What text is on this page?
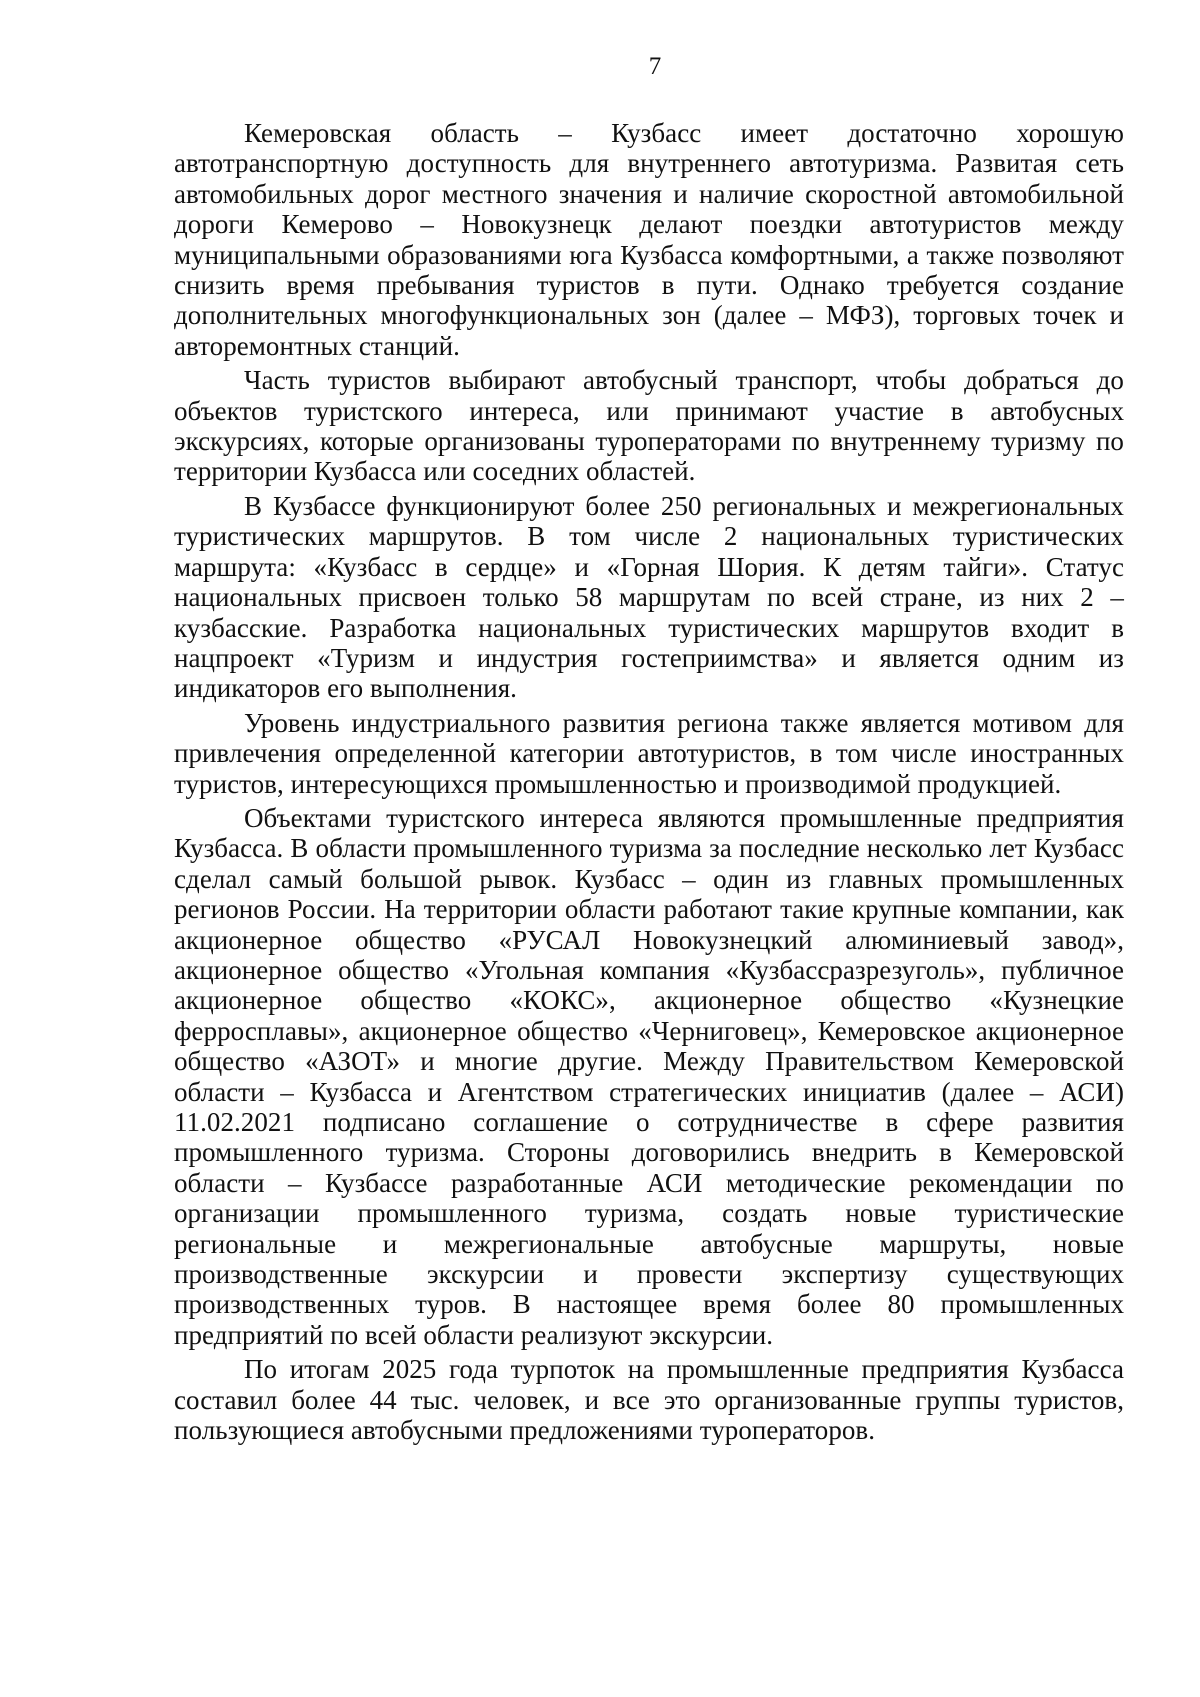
7

Кемеровская область – Кузбасс имеет достаточно хорошую автотранспортную доступность для внутреннего автотуризма. Развитая сеть автомобильных дорог местного значения и наличие скоростной автомобильной дороги Кемерово – Новокузнецк делают поездки автотуристов между муниципальными образованиями юга Кузбасса комфортными, а также позволяют снизить время пребывания туристов в пути. Однако требуется создание дополнительных многофункциональных зон (далее – МФЗ), торговых точек и авторемонтных станций.

Часть туристов выбирают автобусный транспорт, чтобы добраться до объектов туристского интереса, или принимают участие в автобусных экскурсиях, которые организованы туроператорами по внутреннему туризму по территории Кузбасса или соседних областей.

В Кузбассе функционируют более 250 региональных и межрегиональных туристических маршрутов. В том числе 2 национальных туристических маршрута: «Кузбасс в сердце» и «Горная Шория. К детям тайги». Статус национальных присвоен только 58 маршрутам по всей стране, из них 2 – кузбасские. Разработка национальных туристических маршрутов входит в нацпроект «Туризм и индустрия гостеприимства» и является одним из индикаторов его выполнения.

Уровень индустриального развития региона также является мотивом для привлечения определенной категории автотуристов, в том числе иностранных туристов, интересующихся промышленностью и производимой продукцией.

Объектами туристского интереса являются промышленные предприятия Кузбасса. В области промышленного туризма за последние несколько лет Кузбасс сделал самый большой рывок. Кузбасс – один из главных промышленных регионов России. На территории области работают такие крупные компании, как акционерное общество «РУСАЛ Новокузнецкий алюминиевый завод», акционерное общество «Угольная компания «Кузбассразрезуголь», публичное акционерное общество «КОКС», акционерное общество «Кузнецкие ферросплавы», акционерное общество «Черниговец», Кемеровское акционерное общество «АЗОТ» и многие другие. Между Правительством Кемеровской области – Кузбасса и Агентством стратегических инициатив (далее – АСИ) 11.02.2021 подписано соглашение о сотрудничестве в сфере развития промышленного туризма. Стороны договорились внедрить в Кемеровской области – Кузбассе разработанные АСИ методические рекомендации по организации промышленного туризма, создать новые туристические региональные и межрегиональные автобусные маршруты, новые производственные экскурсии и провести экспертизу существующих производственных туров. В настоящее время более 80 промышленных предприятий по всей области реализуют экскурсии.

По итогам 2025 года турпоток на промышленные предприятия Кузбасса составил более 44 тыс. человек, и все это организованные группы туристов, пользующиеся автобусными предложениями туроператоров.
